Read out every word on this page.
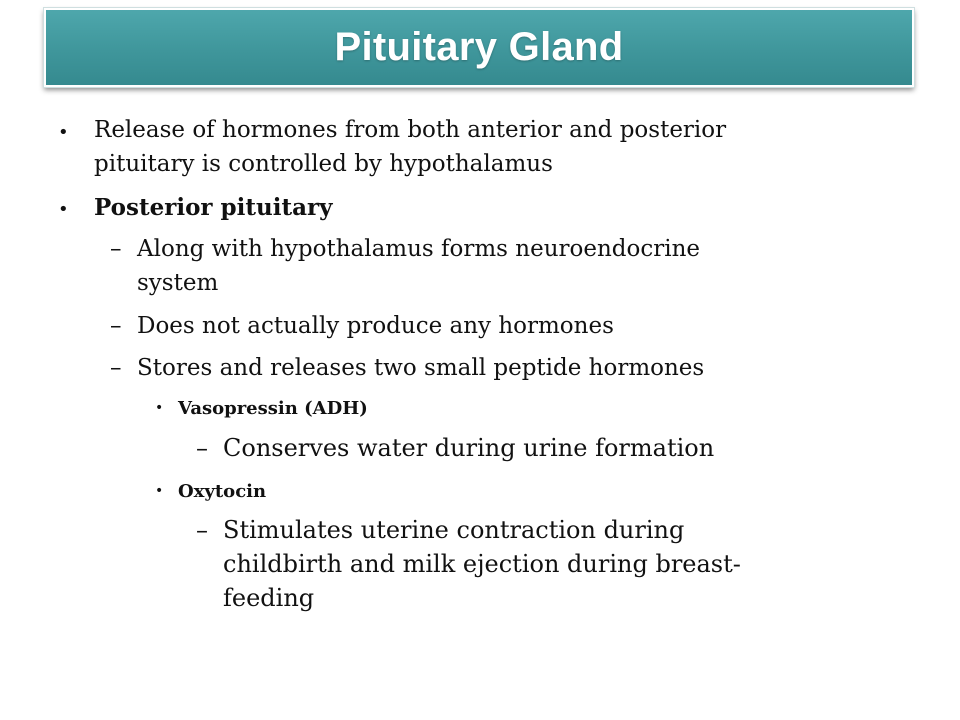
Pituitary Gland
• Release of hormones from both anterior and posterior

pituitary is controlled by hypothalamus

• Posterior pituitary

– Along with hypothalamus forms neuroendocrine

system

– Does not actually produce any hormones

– Stores and releases two small peptide hormones

• Vasopressin (ADH)

– Conserves water during urine formation

• Oxytocin

– Stimulates uterine contraction during

childbirth and milk ejection during breast-

feeding
